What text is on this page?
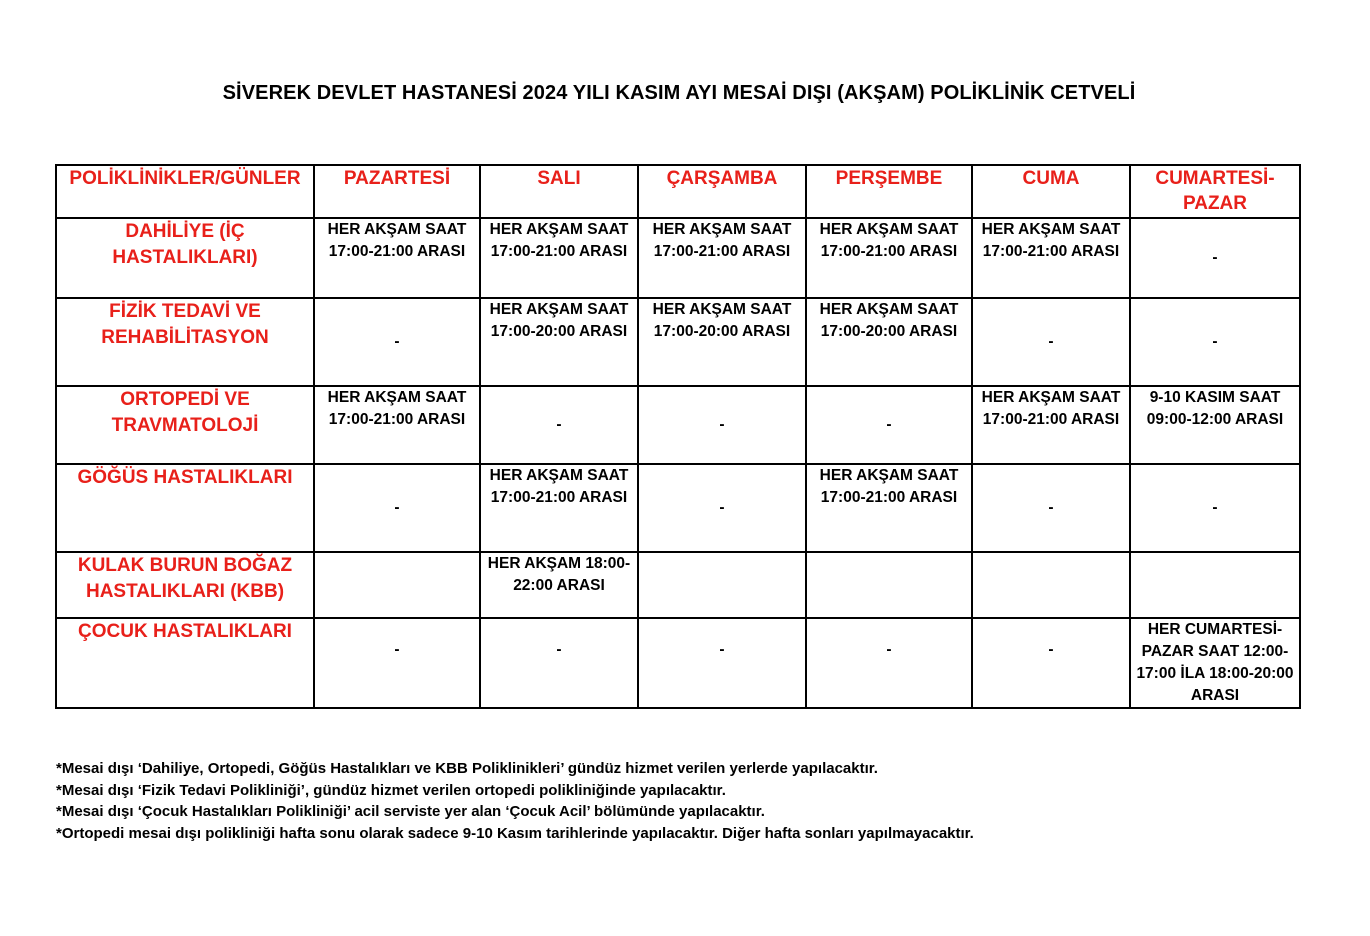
SİVEREK DEVLET HASTANESİ 2024 YILI KASIM AYI MESAİ DIŞI (AKŞAM) POLİKLİNİK CETVELİ
POLİKLİNİKLER/GÜNLER	PAZARTESİ	SALI	ÇARŞAMBA	PERŞEMBE	CUMA	CUMARTESİ-PAZAR
DAHİLİYE (İÇ HASTALIKLARI)	HER AKŞAM SAAT 17:00-21:00 ARASI	HER AKŞAM SAAT 17:00-21:00 ARASI	HER AKŞAM SAAT 17:00-21:00 ARASI	HER AKŞAM SAAT 17:00-21:00 ARASI	HER AKŞAM SAAT 17:00-21:00 ARASI	-
FİZİK TEDAVİ VE REHABİLİTASYON	-	HER AKŞAM SAAT 17:00-20:00 ARASI	HER AKŞAM SAAT 17:00-20:00 ARASI	HER AKŞAM SAAT 17:00-20:00 ARASI	-	-
ORTOPEDİ VE TRAVMATOLOJİ	HER AKŞAM SAAT 17:00-21:00 ARASI	-	-	-	HER AKŞAM SAAT 17:00-21:00 ARASI	9-10 KASIM SAAT 09:00-12:00 ARASI
GÖĞÜS HASTALIKLARI	-	HER AKŞAM SAAT 17:00-21:00 ARASI	-	HER AKŞAM SAAT 17:00-21:00 ARASI	-	-
KULAK BURUN BOĞAZ HASTALIKLARI (KBB)		HER AKŞAM 18:00-22:00 ARASI				
ÇOCUK HASTALIKLARI	-	-	-	-	-	HER CUMARTESİ-PAZAR SAAT 12:00-17:00 İLA 18:00-20:00 ARASI
*Mesai dışı ‘Dahiliye, Ortopedi, Göğüs Hastalıkları ve KBB Poliklinikleri’ gündüz hizmet verilen yerlerde yapılacaktır.
*Mesai dışı ‘Fizik Tedavi Polikliniği’, gündüz hizmet verilen ortopedi polikliniğinde yapılacaktır.
*Mesai dışı ‘Çocuk Hastalıkları Polikliniği’ acil serviste yer alan ‘Çocuk Acil’ bölümünde yapılacaktır.
*Ortopedi mesai dışı polikliniği hafta sonu olarak sadece 9-10 Kasım tarihlerinde yapılacaktır. Diğer hafta sonları yapılmayacaktır.
